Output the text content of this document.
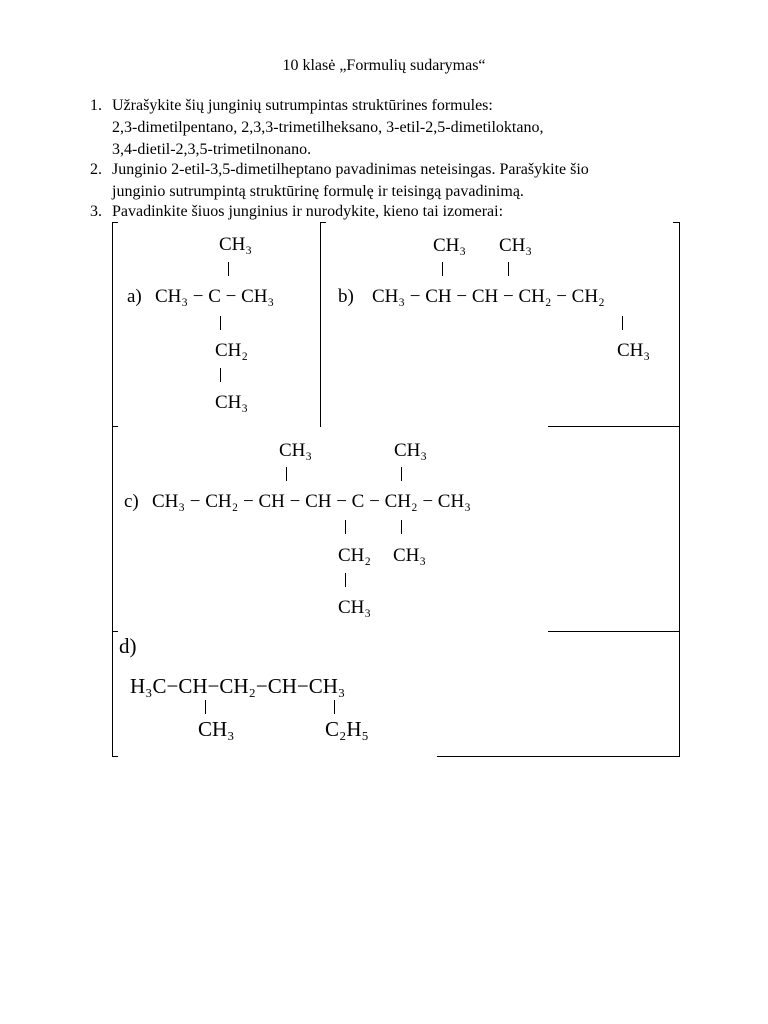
10 klasė „Formulių sudarymas“
1. Užrašykite šių junginių sutrumpintas struktūrines formules:
2,3-dimetilpentano, 2,3,3-trimetilheksano, 3-etil-2,5-dimetiloktano,
3,4-dietil-2,3,5-trimetilnonano.
2. Junginio 2-etil-3,5-dimetilheptano pavadinimas neteisingas. Parašykite šio
junginio sutrumpintą struktūrinę formulę ir teisingą pavadinimą.
3. Pavadinkite šiuos junginius ir nurodykite, kieno tai izomerai:
CH₃
a) CH₃ − C − CH₃
CH₂
CH₃
CH₃ CH₃
b) CH₃ − CH − CH − CH₂ − CH₂
CH₃
CH₃	CH₃
c) CH₃ − CH₂ − CH − CH − C − CH₂ − CH₃
CH₂ CH₃
CH₃
d)
H₃C−CH−CH₂−CH−CH₃
CH₃	C₂H₅
